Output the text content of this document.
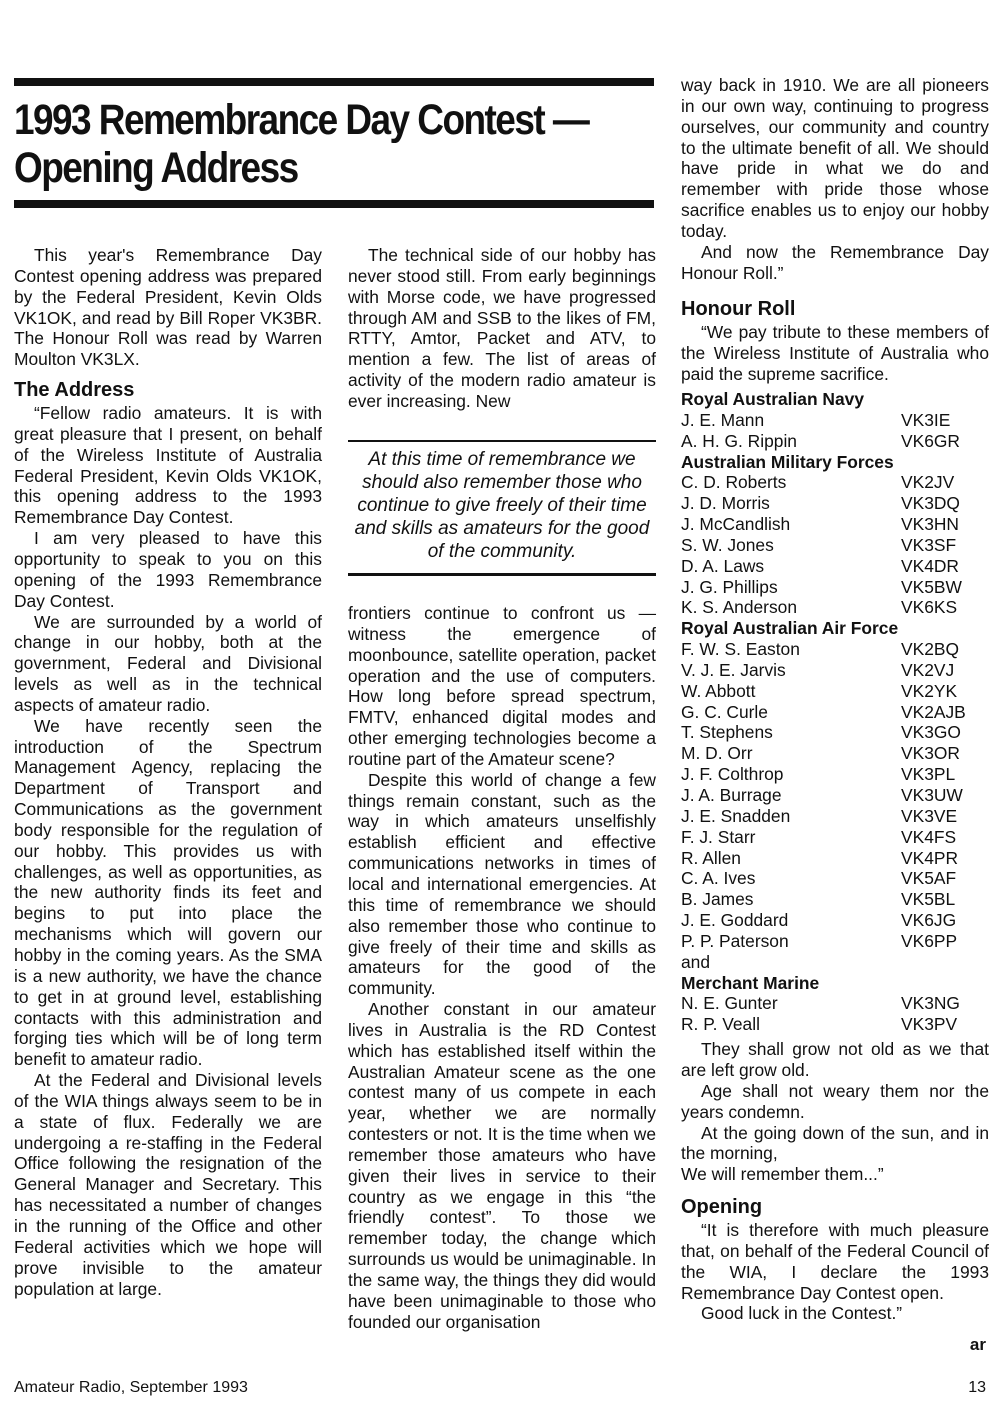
1993 Remembrance Day Contest —
Opening Address

This year's Remembrance Day Contest opening address was prepared by the Federal President, Kevin Olds VK1OK, and read by Bill Roper VK3BR. The Honour Roll was read by Warren Moulton VK3LX.

The Address

“Fellow radio amateurs. It is with great pleasure that I present, on behalf of the Wireless Institute of Australia Federal President, Kevin Olds VK1OK, this opening address to the 1993 Remembrance Day Contest.

I am very pleased to have this opportunity to speak to you on this opening of the 1993 Remembrance Day Contest.

We are surrounded by a world of change in our hobby, both at the government, Federal and Divisional levels as well as in the technical aspects of amateur radio.

We have recently seen the introduction of the Spectrum Management Agency, replacing the Department of Transport and Communications as the government body responsible for the regulation of our hobby. This provides us with challenges, as well as opportunities, as the new authority finds its feet and begins to put into place the mechanisms which will govern our hobby in the coming years. As the SMA is a new authority, we have the chance to get in at ground level, establishing contacts with this administration and forging ties which will be of long term benefit to amateur radio.

At the Federal and Divisional levels of the WIA things always seem to be in a state of flux. Federally we are undergoing a re-staffing in the Federal Office following the resignation of the General Manager and Secretary. This has necessitated a number of changes in the running of the Office and other Federal activities which we hope will prove invisible to the amateur population at large.

The technical side of our hobby has never stood still. From early beginnings with Morse code, we have progressed through AM and SSB to the likes of FM, RTTY, Amtor, Packet and ATV, to mention a few. The list of areas of activity of the modern radio amateur is ever increasing. New

At this time of remembrance we should also remember those who continue to give freely of their time and skills as amateurs for the good of the community.

frontiers continue to confront us — witness the emergence of moonbounce, satellite operation, packet operation and the use of computers. How long before spread spectrum, FMTV, enhanced digital modes and other emerging technologies become a routine part of the Amateur scene?

Despite this world of change a few things remain constant, such as the way in which amateurs unselfishly establish efficient and effective communications networks in times of local and international emergencies. At this time of remembrance we should also remember those who continue to give freely of their time and skills as amateurs for the good of the community.

Another constant in our amateur lives in Australia is the RD Contest which has established itself within the Australian Amateur scene as the one contest many of us compete in each year, whether we are normally contesters or not. It is the time when we remember those amateurs who have given their lives in service to their country as we engage in this “the friendly contest”. To those we remember today, the change which surrounds us would be unimaginable. In the same way, the things they did would have been unimaginable to those who founded our organisation

way back in 1910. We are all pioneers in our own way, continuing to progress ourselves, our community and country to the ultimate benefit of all. We should have pride in what we do and remember with pride those whose sacrifice enables us to enjoy our hobby today.

And now the Remembrance Day Honour Roll.”

Honour Roll

“We pay tribute to these members of the Wireless Institute of Australia who paid the supreme sacrifice.

Royal Australian Navy
J. E. Mann	VK3IE
A. H. G. Rippin	VK6GR
Australian Military Forces
C. D. Roberts	VK2JV
J. D. Morris	VK3DQ
J. McCandlish	VK3HN
S. W. Jones	VK3SF
D. A. Laws	VK4DR
J. G. Phillips	VK5BW
K. S. Anderson	VK6KS
Royal Australian Air Force
F. W. S. Easton	VK2BQ
V. J. E. Jarvis	VK2VJ
W. Abbott	VK2YK
G. C. Curle	VK2AJB
T. Stephens	VK3GO
M. D. Orr	VK3OR
J. F. Colthrop	VK3PL
J. A. Burrage	VK3UW
J. E. Snadden	VK3VE
F. J. Starr	VK4FS
R. Allen	VK4PR
C. A. Ives	VK5AF
B. James	VK5BL
J. E. Goddard	VK6JG
P. P. Paterson	VK6PP
and
Merchant Marine
N. E. Gunter	VK3NG
R. P. Veall	VK3PV

They shall grow not old as we that are left grow old.

Age shall not weary them nor the years condemn.

At the going down of the sun, and in the morning,

We will remember them...”

Opening

“It is therefore with much pleasure that, on behalf of the Federal Council of the WIA, I declare the 1993 Remembrance Day Contest open.

Good luck in the Contest.”

ar
Amateur Radio, September 1993	13
